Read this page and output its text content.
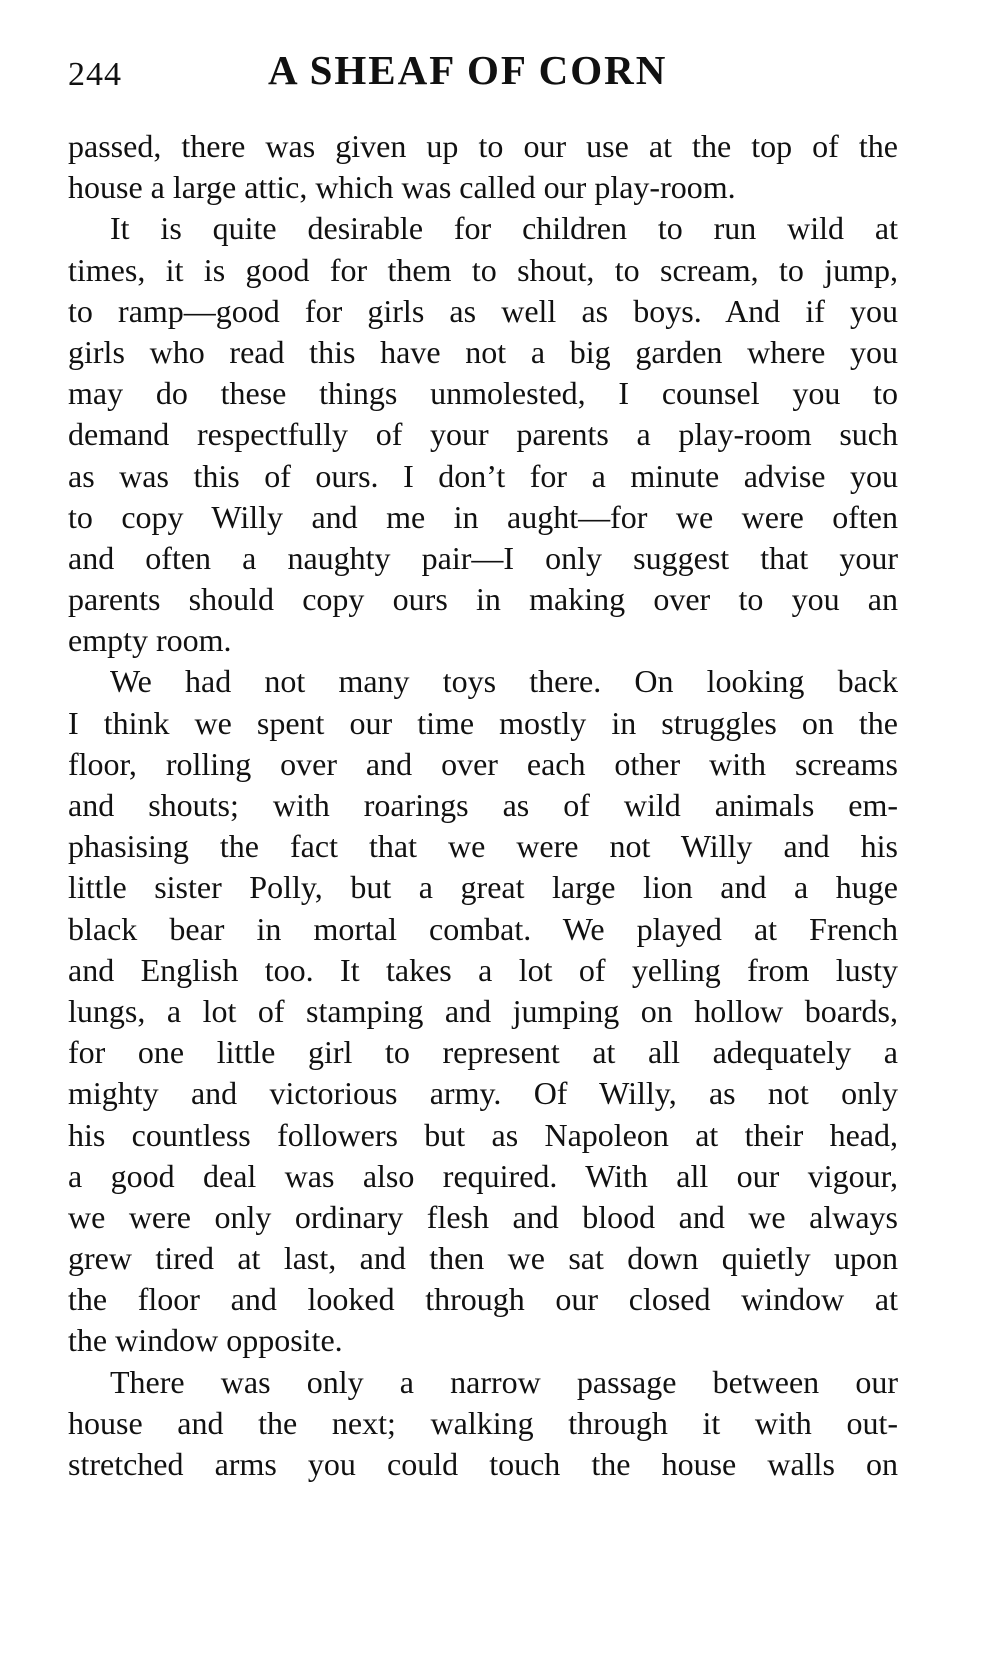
244	A SHEAF OF CORN
passed, there was given up to our use at the top of the
house a large attic, which was called our play-room.
It is quite desirable for children to run wild at
times, it is good for them to shout, to scream, to jump,
to ramp—good for girls as well as boys. And if you
girls who read this have not a big garden where you
may do these things unmolested, I counsel you to
demand respectfully of your parents a play-room such
as was this of ours. I don’t for a minute advise you
to copy Willy and me in aught—for we were often
and often a naughty pair—I only suggest that your
parents should copy ours in making over to you an
empty room.
We had not many toys there. On looking back
I think we spent our time mostly in struggles on the
floor, rolling over and over each other with screams
and shouts; with roarings as of wild animals em-
phasising the fact that we were not Willy and his
little sister Polly, but a great large lion and a huge
black bear in mortal combat. We played at French
and English too. It takes a lot of yelling from lusty
lungs, a lot of stamping and jumping on hollow boards,
for one little girl to represent at all adequately a
mighty and victorious army. Of Willy, as not only
his countless followers but as Napoleon at their head,
a good deal was also required. With all our vigour,
we were only ordinary flesh and blood and we always
grew tired at last, and then we sat down quietly upon
the floor and looked through our closed window at
the window opposite.
There was only a narrow passage between our
house and the next; walking through it with out-
stretched arms you could touch the house walls on
